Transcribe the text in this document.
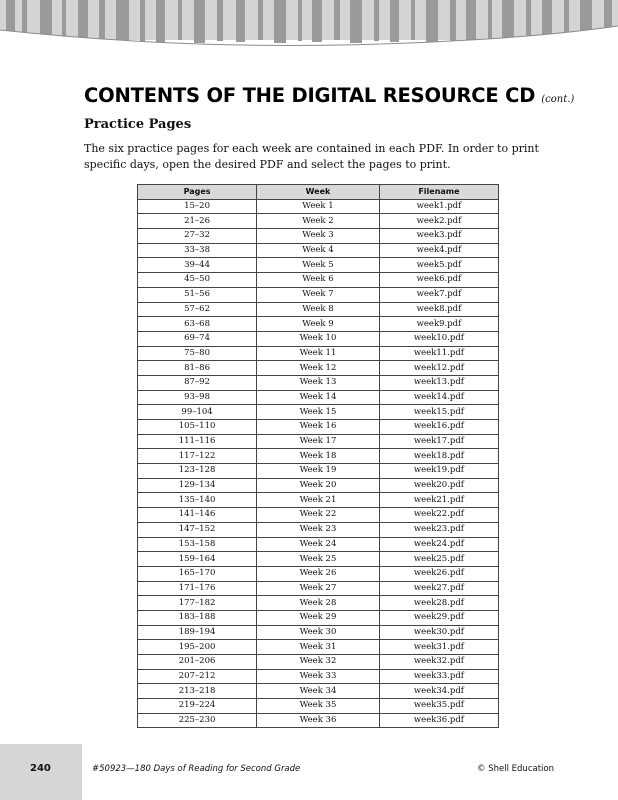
CONTENTS OF THE DIGITAL RESOURCE CD (cont.)
Practice Pages
The six practice pages for each week are contained in each PDF. In order to print specific days, open the desired PDF and select the pages to print.
Pages	Week	Filename
15–20	Week 1	week1.pdf
21–26	Week 2	week2.pdf
27–32	Week 3	week3.pdf
33–38	Week 4	week4.pdf
39–44	Week 5	week5.pdf
45–50	Week 6	week6.pdf
51–56	Week 7	week7.pdf
57–62	Week 8	week8.pdf
63–68	Week 9	week9.pdf
69–74	Week 10	week10.pdf
75–80	Week 11	week11.pdf
81–86	Week 12	week12.pdf
87–92	Week 13	week13.pdf
93–98	Week 14	week14.pdf
99–104	Week 15	week15.pdf
105–110	Week 16	week16.pdf
111–116	Week 17	week17.pdf
117–122	Week 18	week18.pdf
123–128	Week 19	week19.pdf
129–134	Week 20	week20.pdf
135–140	Week 21	week21.pdf
141–146	Week 22	week22.pdf
147–152	Week 23	week23.pdf
153–158	Week 24	week24.pdf
159–164	Week 25	week25.pdf
165–170	Week 26	week26.pdf
171–176	Week 27	week27.pdf
177–182	Week 28	week28.pdf
183–188	Week 29	week29.pdf
189–194	Week 30	week30.pdf
195–200	Week 31	week31.pdf
201–206	Week 32	week32.pdf
207–212	Week 33	week33.pdf
213–218	Week 34	week34.pdf
219–224	Week 35	week35.pdf
225–230	Week 36	week36.pdf
240	#50923—180 Days of Reading for Second Grade	© Shell Education
